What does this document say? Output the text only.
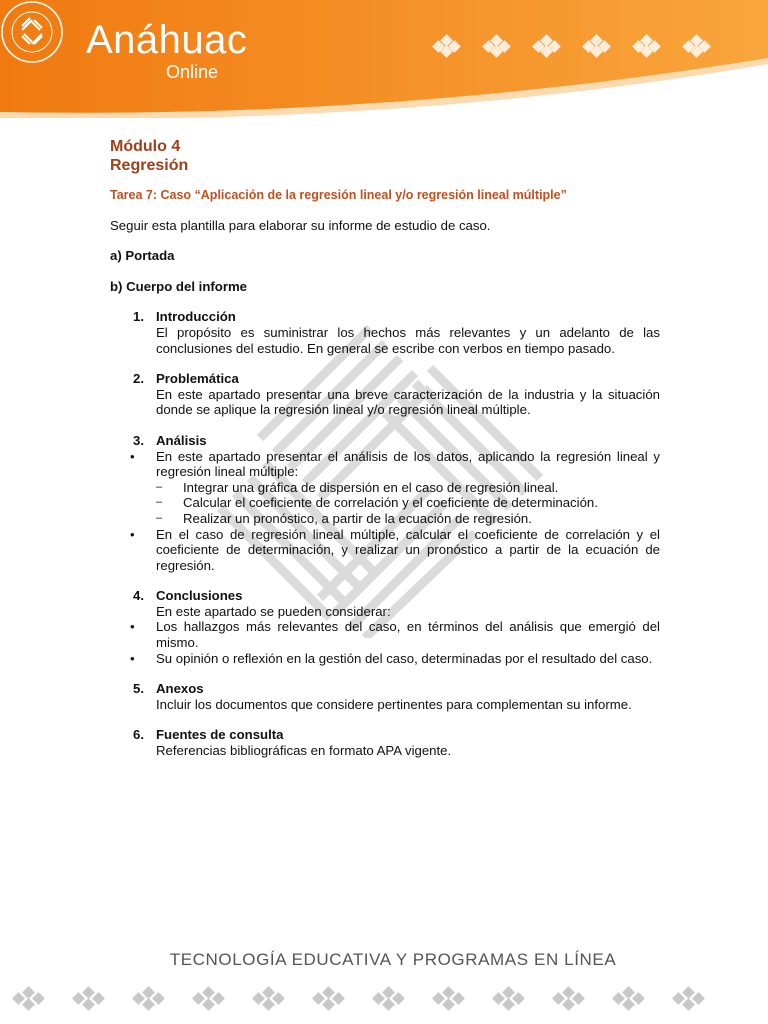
Anáhuac
Online
Módulo 4
Regresión
Tarea 7: Caso “Aplicación de la regresión lineal y/o regresión lineal múltiple”
Seguir esta plantilla para elaborar su informe de estudio de caso.
a) Portada
b) Cuerpo del informe
1. Introducción
El propósito es suministrar los hechos más relevantes y un adelanto de las conclusiones del estudio. En general se escribe con verbos en tiempo pasado.
2. Problemática
En este apartado presentar una breve caracterización de la industria y la situación donde se aplique la regresión lineal y/o regresión lineal múltiple.
3. Análisis
• En este apartado presentar el análisis de los datos, aplicando la regresión lineal y regresión lineal múltiple:
– Integrar una gráfica de dispersión en el caso de regresión lineal.
– Calcular el coeficiente de correlación y el coeficiente de determinación.
– Realizar un pronóstico, a partir de la ecuación de regresión.
• En el caso de regresión lineal múltiple, calcular el coeficiente de correlación y el coeficiente de determinación, y realizar un pronóstico a partir de la ecuación de regresión.
4. Conclusiones
En este apartado se pueden considerar:
• Los hallazgos más relevantes del caso, en términos del análisis que emergió del mismo.
• Su opinión o reflexión en la gestión del caso, determinadas por el resultado del caso.
5. Anexos
Incluir los documentos que considere pertinentes para complementan su informe.
6. Fuentes de consulta
Referencias bibliográficas en formato APA vigente.
TECNOLOGÍA EDUCATIVA Y PROGRAMAS EN LÍNEA
